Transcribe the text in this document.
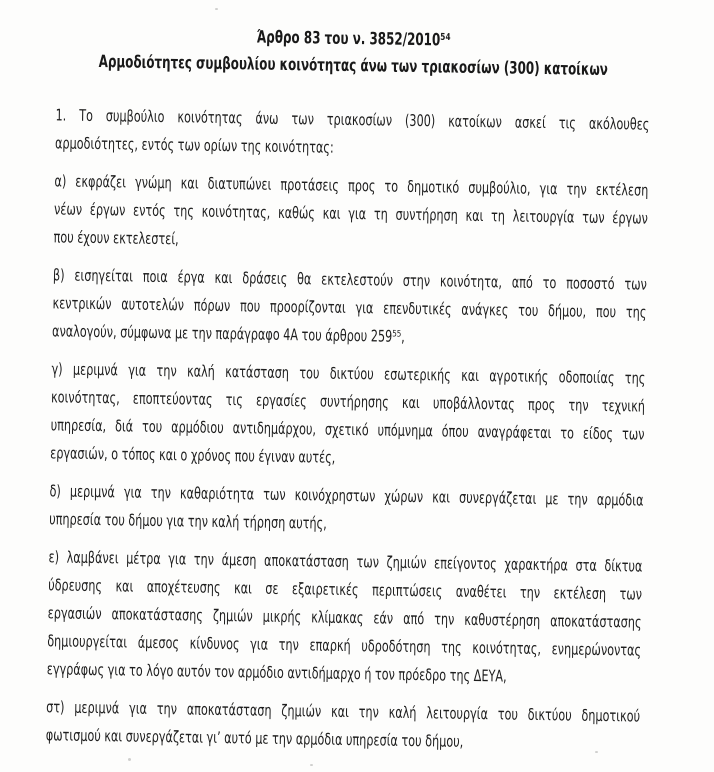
Άρθρο 83 του ν. 3852/2010⁵⁴
Αρμοδιότητες συμβουλίου κοινότητας άνω των τριακοσίων (300) κατοίκων
1. Το συμβούλιο κοινότητας άνω των τριακοσίων (300) κατοίκων ασκεί τις ακόλουθες
αρμοδιότητες, εντός των ορίων της κοινότητας:
α) εκφράζει γνώμη και διατυπώνει προτάσεις προς το δημοτικό συμβούλιο, για την εκτέλεση
νέων έργων εντός της κοινότητας, καθώς και για τη συντήρηση και τη λειτουργία των έργων
που έχουν εκτελεστεί,
β) εισηγείται ποια έργα και δράσεις θα εκτελεστούν στην κοινότητα, από το ποσοστό των
κεντρικών αυτοτελών πόρων που προορίζονται για επενδυτικές ανάγκες του δήμου, που της
αναλογούν, σύμφωνα με την παράγραφο 4Α του άρθρου 259⁵⁵,
γ) μεριμνά για την καλή κατάσταση του δικτύου εσωτερικής και αγροτικής οδοποιίας της
κοινότητας, εποπτεύοντας τις εργασίες συντήρησης και υποβάλλοντας προς την τεχνική
υπηρεσία, διά του αρμόδιου αντιδημάρχου, σχετικό υπόμνημα όπου αναγράφεται το είδος των
εργασιών, ο τόπος και ο χρόνος που έγιναν αυτές,
δ) μεριμνά για την καθαριότητα των κοινόχρηστων χώρων και συνεργάζεται με την αρμόδια
υπηρεσία του δήμου για την καλή τήρηση αυτής,
ε) λαμβάνει μέτρα για την άμεση αποκατάσταση των ζημιών επείγοντος χαρακτήρα στα δίκτυα
ύδρευσης και αποχέτευσης και σε εξαιρετικές περιπτώσεις αναθέτει την εκτέλεση των
εργασιών αποκατάστασης ζημιών μικρής κλίμακας εάν από την καθυστέρηση αποκατάστασης
δημιουργείται άμεσος κίνδυνος για την επαρκή υδροδότηση της κοινότητας, ενημερώνοντας
εγγράφως για το λόγο αυτόν τον αρμόδιο αντιδήμαρχο ή τον πρόεδρο της ΔΕΥΑ,
στ) μεριμνά για την αποκατάσταση ζημιών και την καλή λειτουργία του δικτύου δημοτικού
φωτισμού και συνεργάζεται γι’ αυτό με την αρμόδια υπηρεσία του δήμου,
